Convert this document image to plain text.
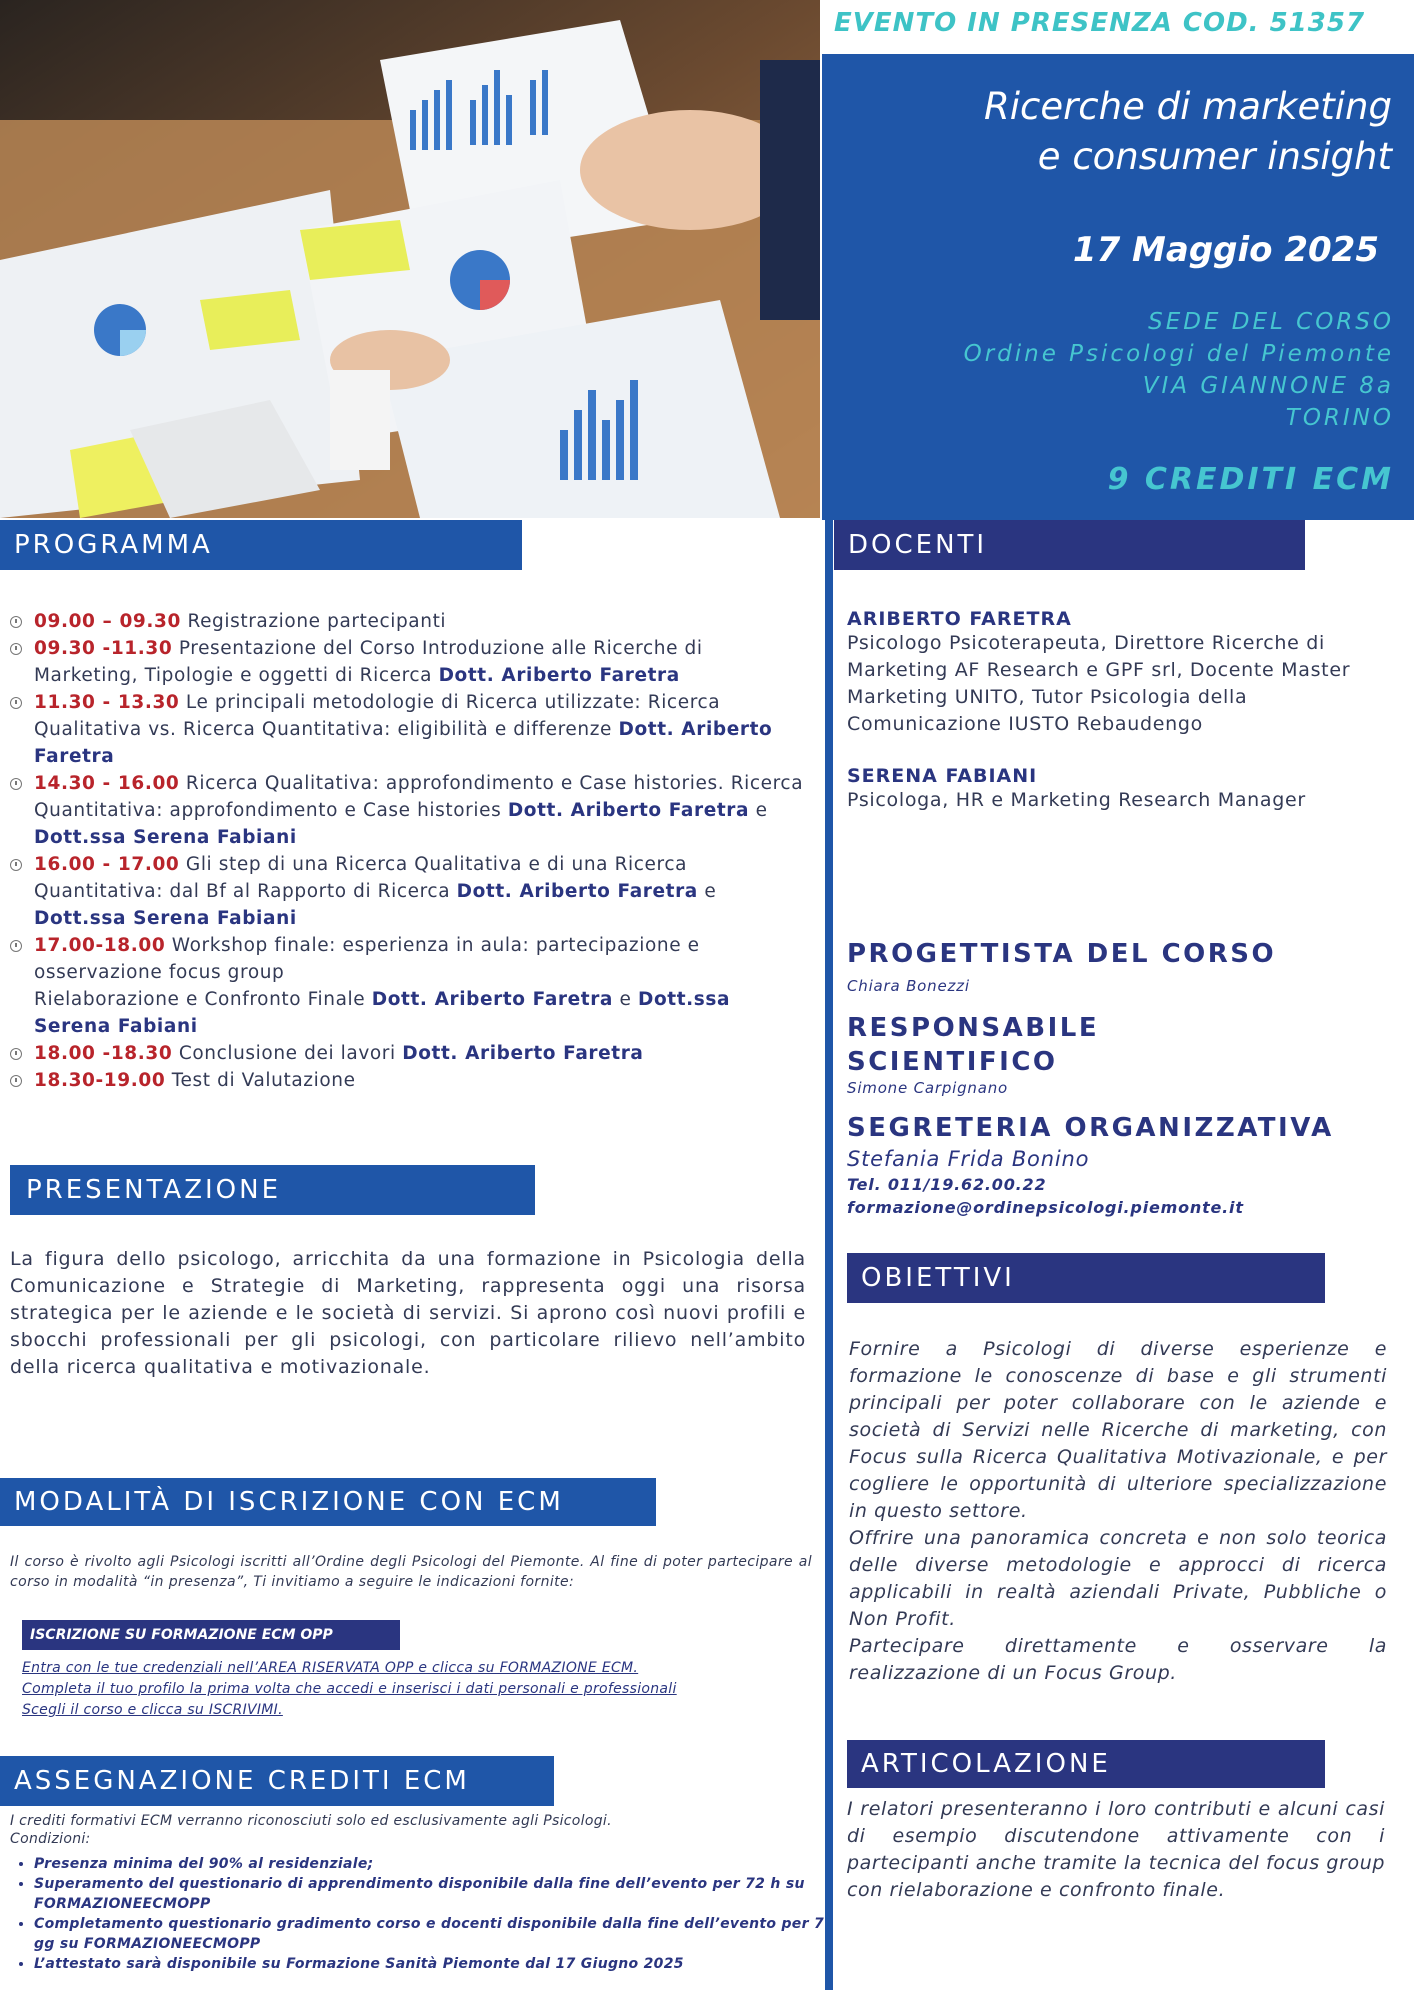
EVENTO IN PRESENZA COD. 51357
Ricerche di marketing
e consumer insight
17 Maggio 2025
SEDE DEL CORSO
Ordine Psicologi del Piemonte
VIA GIANNONE 8a
TORINO
9 CREDITI ECM
PROGRAMMA
09.00 – 09.30 Registrazione partecipanti
09.30 -11.30 Presentazione del Corso Introduzione alle Ricerche di Marketing, Tipologie e oggetti di Ricerca Dott. Ariberto Faretra
11.30 - 13.30 Le principali metodologie di Ricerca utilizzate: Ricerca Qualitativa vs. Ricerca Quantitativa: eligibilità e differenze Dott. Ariberto Faretra
14.30 - 16.00 Ricerca Qualitativa: approfondimento e Case histories. Ricerca Quantitativa: approfondimento e Case histories Dott. Ariberto Faretra e Dott.ssa Serena Fabiani
16.00 - 17.00 Gli step di una Ricerca Qualitativa e di una Ricerca Quantitativa: dal Bf al Rapporto di Ricerca Dott. Ariberto Faretra e Dott.ssa Serena Fabiani
17.00-18.00 Workshop finale: esperienza in aula: partecipazione e osservazione focus group
Rielaborazione e Confronto Finale Dott. Ariberto Faretra e Dott.ssa Serena Fabiani
18.00 -18.30 Conclusione dei lavori Dott. Ariberto Faretra
18.30-19.00 Test di Valutazione
PRESENTAZIONE
La figura dello psicologo, arricchita da una formazione in Psicologia della Comunicazione e Strategie di Marketing, rappresenta oggi una risorsa strategica per le aziende e le società di servizi. Si aprono così nuovi profili e sbocchi professionali per gli psicologi, con particolare rilievo nell’ambito della ricerca qualitativa e motivazionale.
MODALITÀ DI ISCRIZIONE CON ECM
Il corso è rivolto agli Psicologi iscritti all’Ordine degli Psicologi del Piemonte. Al fine di poter partecipare al corso in modalità “in presenza”, Ti invitiamo a seguire le indicazioni fornite:
ISCRIZIONE SU FORMAZIONE ECM OPP
Entra con le tue credenziali nell’AREA RISERVATA OPP e clicca su FORMAZIONE ECM.
Completa il tuo profilo la prima volta che accedi e inserisci i dati personali e professionali
Scegli il corso e clicca su ISCRIVIMI.
ASSEGNAZIONE CREDITI ECM
I crediti formativi ECM verranno riconosciuti solo ed esclusivamente agli Psicologi.
Condizioni:
• Presenza minima del 90% al residenziale;
• Superamento del questionario di apprendimento disponibile dalla fine dell’evento per 72 h su FORMAZIONEECMOPP
• Completamento questionario gradimento corso e docenti disponibile dalla fine dell’evento per 7 gg su FORMAZIONEECMOPP
• L’attestato sarà disponibile su Formazione Sanità Piemonte dal 17 Giugno 2025
DOCENTI
ARIBERTO FARETRA
Psicologo Psicoterapeuta, Direttore Ricerche di Marketing AF Research e GPF srl, Docente Master Marketing UNITO, Tutor Psicologia della Comunicazione IUSTO Rebaudengo
SERENA FABIANI
Psicologa, HR e Marketing Research Manager
PROGETTISTA DEL CORSO
Chiara Bonezzi
RESPONSABILE
SCIENTIFICO
Simone Carpignano
SEGRETERIA ORGANIZZATIVA
Stefania Frida Bonino
Tel. 011/19.62.00.22
formazione@ordinepsicologi.piemonte.it
OBIETTIVI
Fornire a Psicologi di diverse esperienze e formazione le conoscenze di base e gli strumenti principali per poter collaborare con le aziende e società di Servizi nelle Ricerche di marketing, con Focus sulla Ricerca Qualitativa Motivazionale, e per cogliere le opportunità di ulteriore specializzazione in questo settore.
Offrire una panoramica concreta e non solo teorica delle diverse metodologie e approcci di ricerca applicabili in realtà aziendali Private, Pubbliche o Non Profit.
Partecipare direttamente e osservare la realizzazione di un Focus Group.
ARTICOLAZIONE
I relatori presenteranno i loro contributi e alcuni casi di esempio discutendone attivamente con i partecipanti anche tramite la tecnica del focus group con rielaborazione e confronto finale.
